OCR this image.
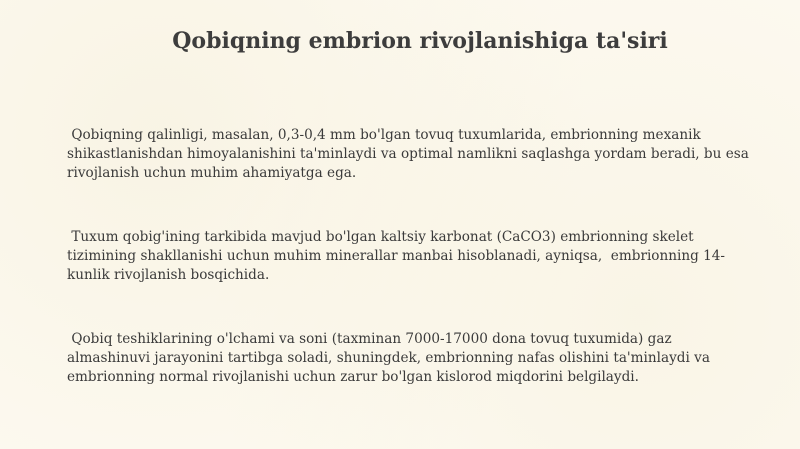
Qobiqning embrion rivojlanishiga ta'siri
Qobiqning qalinligi, masalan, 0,3-0,4 mm bo'lgan tovuq tuxumlarida, embrionning mexanik shikastlanishdan himoyalanishini ta'minlaydi va optimal namlikni saqlashga yordam beradi, bu esa rivojlanish uchun muhim ahamiyatga ega.
Tuxum qobig'ining tarkibida mavjud bo'lgan kaltsiy karbonat (CaCO3) embrionning skelet tizimining shakllanishi uchun muhim minerallar manbai hisoblanadi, ayniqsa,  embrionning 14-kunlik rivojlanish bosqichida.
Qobiq teshiklarining o'lchami va soni (taxminan 7000-17000 dona tovuq tuxumida) gaz almashinuvi jarayonini tartibga soladi, shuningdek, embrionning nafas olishini ta'minlaydi va embrionning normal rivojlanishi uchun zarur bo'lgan kislorod miqdorini belgilaydi.
